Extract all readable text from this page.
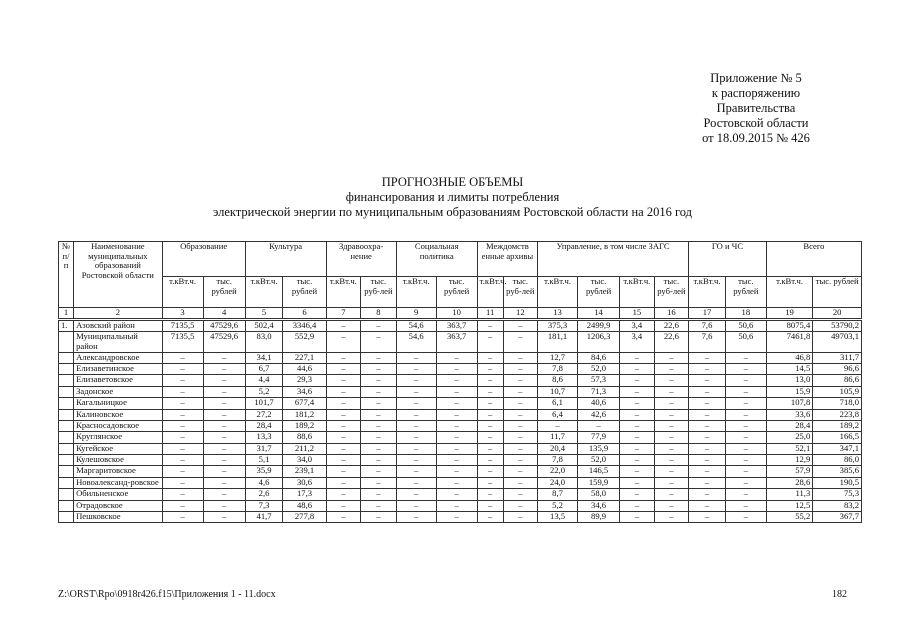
Приложение № 5
к распоряжению
Правительства
Ростовской области
от 18.09.2015 № 426
ПРОГНОЗНЫЕ ОБЪЕМЫ
финансирования и лимиты потребления
электрической энергии по муниципальным образованиям Ростовской области на 2016 год
№ п/п	Наименование муниципальных образований Ростовской области	Образование		Культура		Здравоохра-нение		Социальная политика		Междомств енные архивы		Управление, в том числе ЗАГС				ГО и ЧС		Всего	
		т.кВт.ч.	тыс. рублей	т.кВт.ч.	тыс. рублей	т.кВт.ч.	тыс. руб-лей	т.кВт.ч.	тыс. рублей	т.кВт.ч.	тыс. руб-лей	т.кВт.ч.	тыс. рублей	т.кВт.ч.	тыс. руб-лей	т.кВт.ч.	тыс. рублей	т.кВт.ч.	тыс. рублей
1	2	3	4	5	6	7	8	9	10	11	12	13	14	15	16	17	18	19	20
1.	Азовский район	7135,5	47529,6	502,4	3346,4	–	–	54,6	363,7	–	–	375,3	2499,9	3,4	22,6	7,6	50,6	8075,4	53790,2
	Муниципальный район	7135,5	47529,6	83,0	552,9	–	–	54,6	363,7	–	–	181,1	1206,3	3,4	22,6	7,6	50,6	7461,8	49703,1
	Александровское	–	–	34,1	227,1	–	–	–	–	–	–	12,7	84,6	–	–	–	–	46,8	311,7
	Елизаветинское	–	–	6,7	44,6	–	–	–	–	–	–	7,8	52,0	–	–	–	–	14,5	96,6
	Елизаветовское	–	–	4,4	29,3	–	–	–	–	–	–	8,6	57,3	–	–	–	–	13,0	86,6
	Задонское	–	–	5,2	34,6	–	–	–	–	–	–	10,7	71,3	–	–	–	–	15,9	105,9
	Кагальницкое	–	–	101,7	677,4	–	–	–	–	–	–	6,1	40,6	–	–	–	–	107,8	718,0
	Калиновское	–	–	27,2	181,2	–	–	–	–	–	–	6,4	42,6	–	–	–	–	33,6	223,8
	Красносадовское	–	–	28,4	189,2	–	–	–	–	–	–	–	–	–	–	–	–	28,4	189,2
	Круглянское	–	–	13,3	88,6	–	–	–	–	–	–	11,7	77,9	–	–	–	–	25,0	166,5
	Кугейское	–	–	31,7	211,2	–	–	–	–	–	–	20,4	135,9	–	–	–	–	52,1	347,1
	Кулешовское	–	–	5,1	34,0	–	–	–	–	–	–	7,8	52,0	–	–	–	–	12,9	86,0
	Маргаритовское	–	–	35,9	239,1	–	–	–	–	–	–	22,0	146,5	–	–	–	–	57,9	385,6
	Новоалександ-ровское	–	–	4,6	30,6	–	–	–	–	–	–	24,0	159,9	–	–	–	–	28,6	190,5
	Обильненское	–	–	2,6	17,3	–	–	–	–	–	–	8,7	58,0	–	–	–	–	11,3	75,3
	Отрадовское	–	–	7,3	48,6	–	–	–	–	–	–	5,2	34,6	–	–	–	–	12,5	83,2
	Пешковское	–	–	41,7	277,8	–	–	–	–	–	–	13,5	89,9	–	–	–	–	55,2	367,7
Z:\ORST\Rpo\0918r426.f15\Приложения 1 - 11.docx	182
